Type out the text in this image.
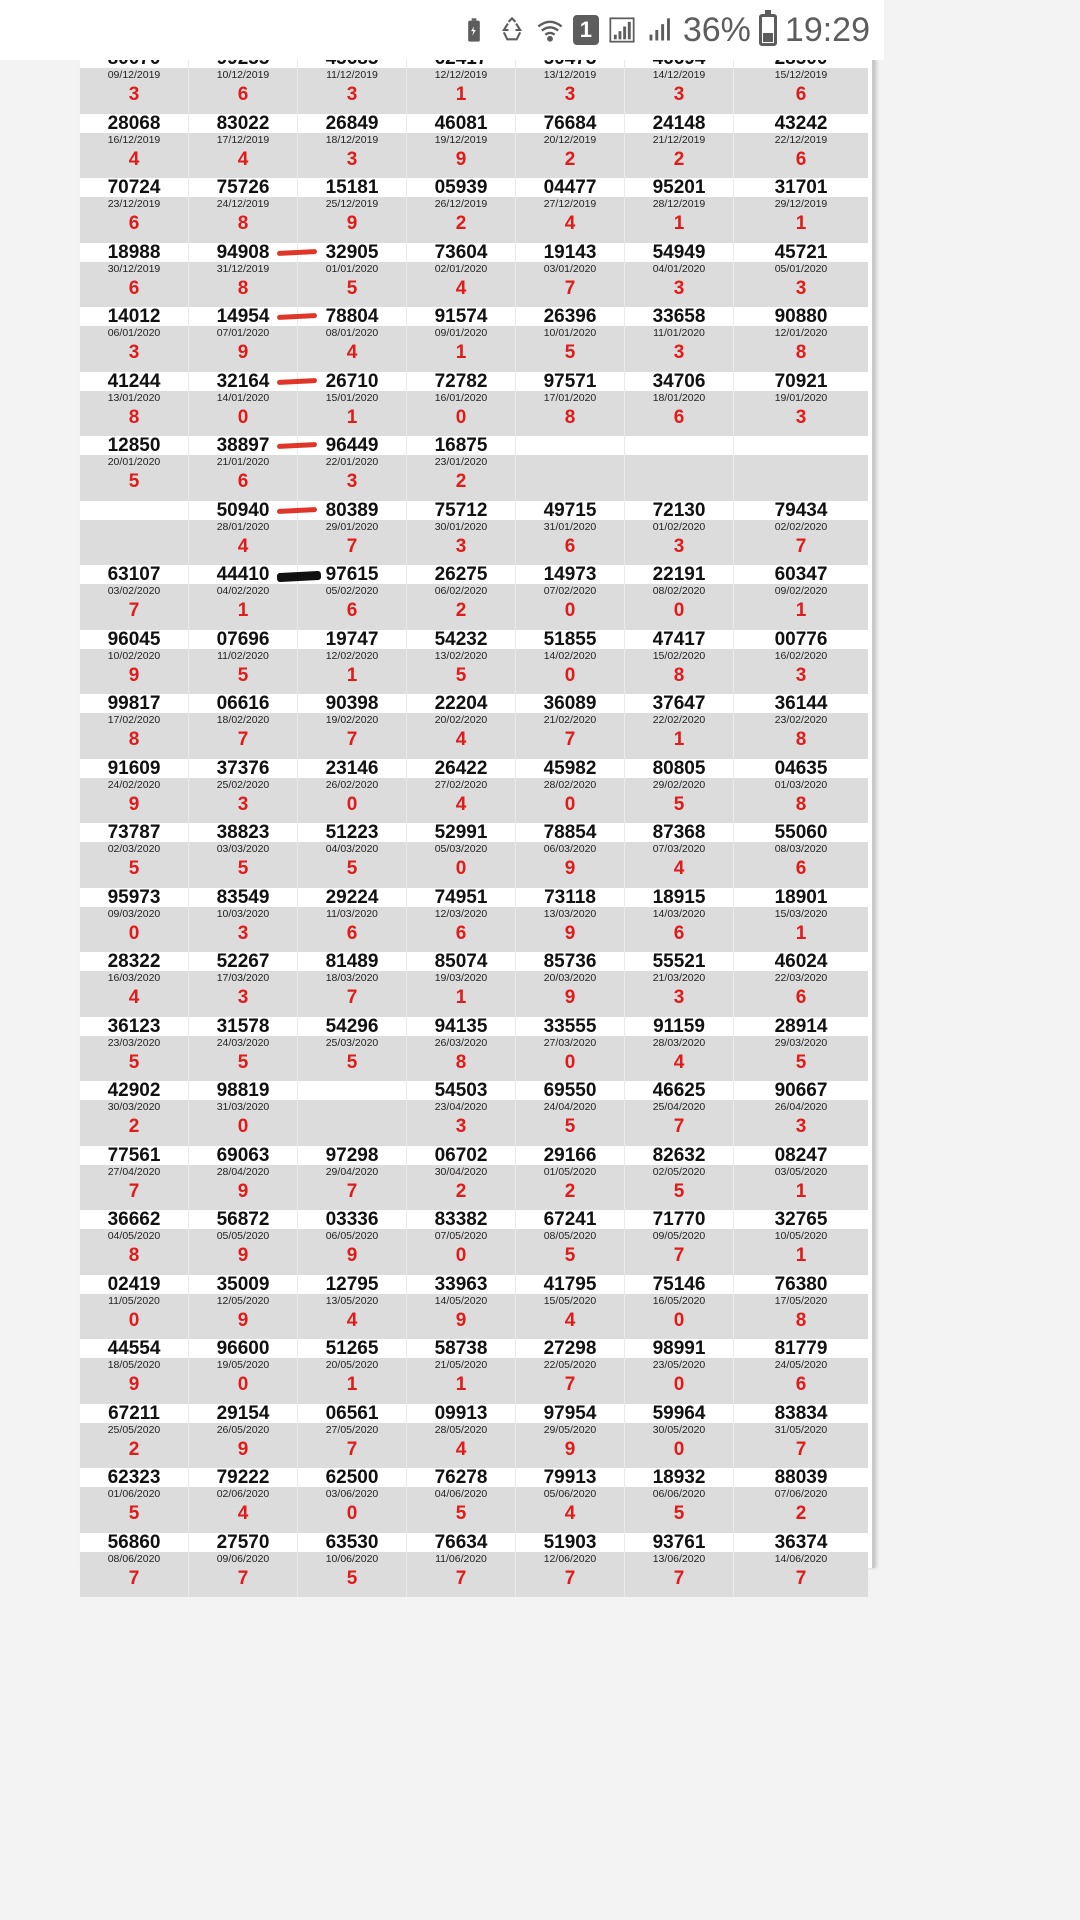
1	36% 19:29
09/12/2019
3
10/12/2019
6
11/12/2019
3
12/12/2019
1
13/12/2019
3
14/12/2019
3
15/12/2019
6
28068
16/12/2019
4
83022
17/12/2019
4
26849
18/12/2019
3
46081
19/12/2019
9
76684
20/12/2019
2
24148
21/12/2019
2
43242
22/12/2019
6
70724
23/12/2019
6
75726
24/12/2019
8
15181
25/12/2019
9
05939
26/12/2019
2
04477
27/12/2019
4
95201
28/12/2019
1
31701
29/12/2019
1
18988
30/12/2019
6
94908
31/12/2019
8
32905
01/01/2020
5
73604
02/01/2020
4
19143
03/01/2020
7
54949
04/01/2020
3
45721
05/01/2020
3
14012
06/01/2020
3
14954
07/01/2020
9
78804
08/01/2020
4
91574
09/01/2020
1
26396
10/01/2020
5
33658
11/01/2020
3
90880
12/01/2020
8
41244
13/01/2020
8
32164
14/01/2020
0
26710
15/01/2020
1
72782
16/01/2020
0
97571
17/01/2020
8
34706
18/01/2020
6
70921
19/01/2020
3
12850
20/01/2020
5
38897
21/01/2020
6
96449
22/01/2020
3
16875
23/01/2020
2
50940
28/01/2020
4
80389
29/01/2020
7
75712
30/01/2020
3
49715
31/01/2020
6
72130
01/02/2020
3
79434
02/02/2020
7
63107
03/02/2020
7
44410
04/02/2020
1
97615
05/02/2020
6
26275
06/02/2020
2
14973
07/02/2020
0
22191
08/02/2020
0
60347
09/02/2020
1
96045
10/02/2020
9
07696
11/02/2020
5
19747
12/02/2020
1
54232
13/02/2020
5
51855
14/02/2020
0
47417
15/02/2020
8
00776
16/02/2020
3
99817
17/02/2020
8
06616
18/02/2020
7
90398
19/02/2020
7
22204
20/02/2020
4
36089
21/02/2020
7
37647
22/02/2020
1
36144
23/02/2020
8
91609
24/02/2020
9
37376
25/02/2020
3
23146
26/02/2020
0
26422
27/02/2020
4
45982
28/02/2020
0
80805
29/02/2020
5
04635
01/03/2020
8
73787
02/03/2020
5
38823
03/03/2020
5
51223
04/03/2020
5
52991
05/03/2020
0
78854
06/03/2020
9
87368
07/03/2020
4
55060
08/03/2020
6
95973
09/03/2020
0
83549
10/03/2020
3
29224
11/03/2020
6
74951
12/03/2020
6
73118
13/03/2020
9
18915
14/03/2020
6
18901
15/03/2020
1
28322
16/03/2020
4
52267
17/03/2020
3
81489
18/03/2020
7
85074
19/03/2020
1
85736
20/03/2020
9
55521
21/03/2020
3
46024
22/03/2020
6
36123
23/03/2020
5
31578
24/03/2020
5
54296
25/03/2020
5
94135
26/03/2020
8
33555
27/03/2020
0
91159
28/03/2020
4
28914
29/03/2020
5
42902
30/03/2020
2
98819
31/03/2020
0
54503
23/04/2020
3
69550
24/04/2020
5
46625
25/04/2020
7
90667
26/04/2020
3
77561
27/04/2020
7
69063
28/04/2020
9
97298
29/04/2020
7
06702
30/04/2020
2
29166
01/05/2020
2
82632
02/05/2020
5
08247
03/05/2020
1
36662
04/05/2020
8
56872
05/05/2020
9
03336
06/05/2020
9
83382
07/05/2020
0
67241
08/05/2020
5
71770
09/05/2020
7
32765
10/05/2020
1
02419
11/05/2020
0
35009
12/05/2020
9
12795
13/05/2020
4
33963
14/05/2020
9
41795
15/05/2020
4
75146
16/05/2020
0
76380
17/05/2020
8
44554
18/05/2020
9
96600
19/05/2020
0
51265
20/05/2020
1
58738
21/05/2020
1
27298
22/05/2020
7
98991
23/05/2020
0
81779
24/05/2020
6
67211
25/05/2020
2
29154
26/05/2020
9
06561
27/05/2020
7
09913
28/05/2020
4
97954
29/05/2020
9
59964
30/05/2020
0
83834
31/05/2020
7
62323
01/06/2020
5
79222
02/06/2020
4
62500
03/06/2020
0
76278
04/06/2020
5
79913
05/06/2020
4
18932
06/06/2020
5
88039
07/06/2020
2
56860
08/06/2020
7
27570
09/06/2020
7
63530
10/06/2020
5
76634
11/06/2020
7
51903
12/06/2020
7
93761
13/06/2020
7
36374
14/06/2020
7
